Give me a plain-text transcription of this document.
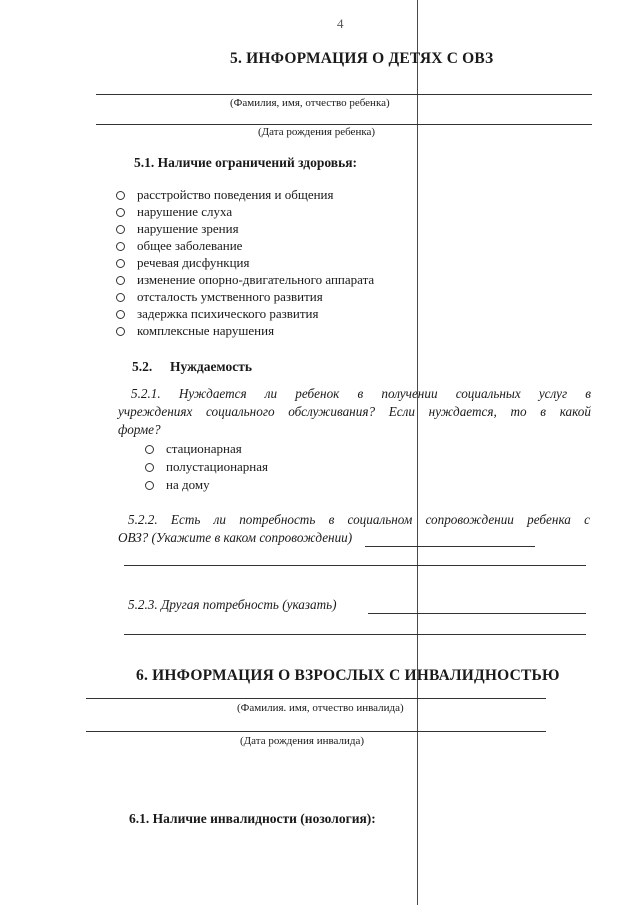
4
5. ИНФОРМАЦИЯ О ДЕТЯХ С ОВЗ
(Фамилия, имя, отчество ребенка)
(Дата рождения ребенка)
5.1. Наличие ограничений здоровья:
расстройство поведения и общения
нарушение слуха
нарушение зрения
общее заболевание
речевая дисфункция
изменение опорно-двигательного аппарата
отсталость умственного развития
задержка психического развития
комплексные нарушения
5.2. Нуждаемость
5.2.1. Нуждается ли ребенок в получении социальных услуг в
учреждениях социального обслуживания? Если нуждается, то в какой
форме?
стационарная
полустационарная
на дому
5.2.2. Есть ли потребность в социальном сопровождении ребенка с
ОВЗ? (Укажите в каком сопровождении)
5.2.3. Другая потребность (указать)
6. ИНФОРМАЦИЯ О ВЗРОСЛЫХ С ИНВАЛИДНОСТЬЮ
(Фамилия. имя, отчество инвалида)
(Дата рождения инвалида)
6.1. Наличие инвалидности (нозология):
